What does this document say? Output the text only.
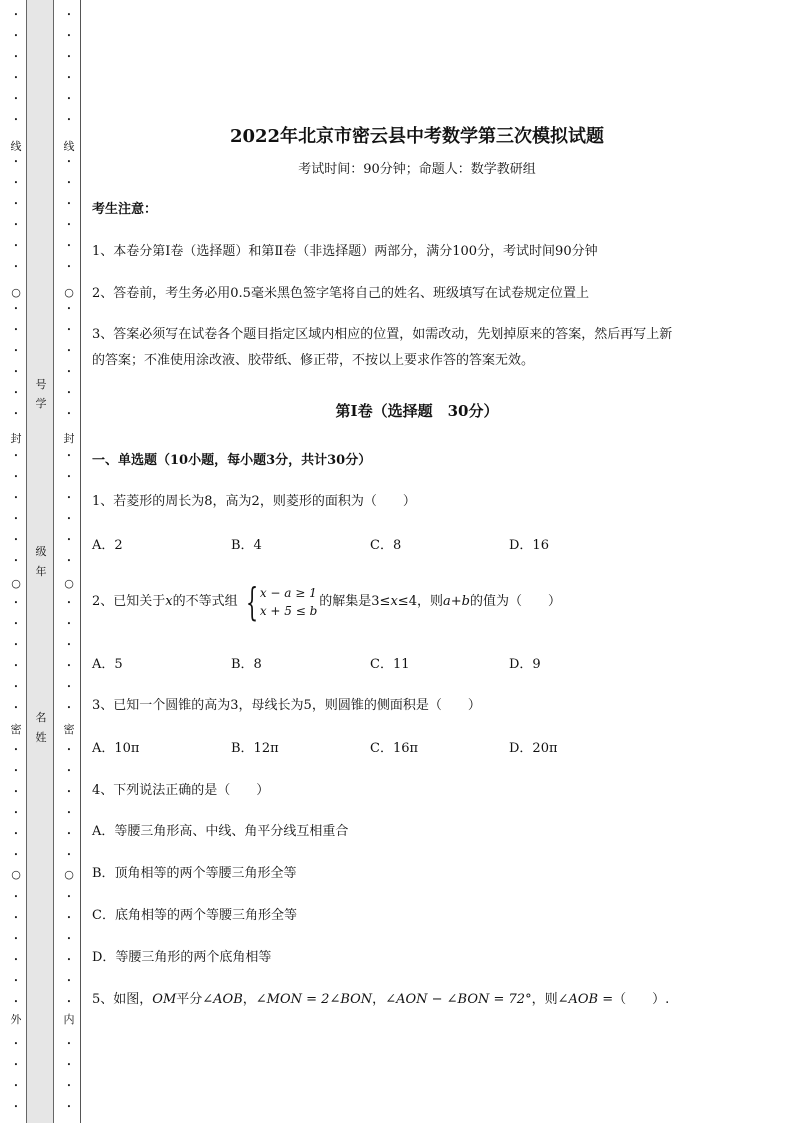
•
•
•
•
•
•
线
•
•
•
•
•
•
○
•
•
•
•
•
•
封
•
•
•
•
•
•
○
•
•
•
•
•
•
密
•
•
•
•
•
•
○
•
•
•
•
•
•
外
•
•
•
•
•
•
•
•
•
•
线
•
•
•
•
•
•
○
•
•
•
•
•
•
封
•
•
•
•
•
•
○
•
•
•
•
•
•
密
•
•
•
•
•
•
○
•
•
•
•
•
•
内
•
•
•
•
号
学
级
年
名
姓
2022年北京市密云县中考数学第三次模拟试题
考试时间：90分钟；命题人：数学教研组
考生注意：
1、本卷分第Ⅰ卷（选择题）和第Ⅱ卷（非选择题）两部分，满分100分，考试时间90分钟
2、答卷前，考生务必用0.5毫米黑色签字笔将自己的姓名、班级填写在试卷规定位置上
3、答案必须写在试卷各个题目指定区域内相应的位置，如需改动，先划掉原来的答案，然后再写上新
的答案；不准使用涂改液、胶带纸、修正带，不按以上要求作答的答案无效。
第Ⅰ卷（选择题　30分）
一、单选题（10小题，每小题3分，共计30分）
1、若菱形的周长为8，高为2，则菱形的面积为（　　）
A．2	B．4	C．8	D．16
2、已知关于 x 的不等式组 { x − a ≥ 1
x + 5 ≤ b
的解集是3≤ x ≤4，则 a+b 的值为（　　）
A．5	B．8	C．11	D．9
3、已知一个圆锥的高为3，母线长为5，则圆锥的侧面积是（　　）
A．10π	B．12π	C．16π	D．20π
4、下列说法正确的是（　　）
A．等腰三角形高、中线、角平分线互相重合
B．顶角相等的两个等腰三角形全等
C．底角相等的两个等腰三角形全等
D．等腰三角形的两个底角相等
5、如图，OM平分∠AOB，∠MON = 2∠BON，∠AON − ∠BON = 72°，则∠AOB =（　　）.
